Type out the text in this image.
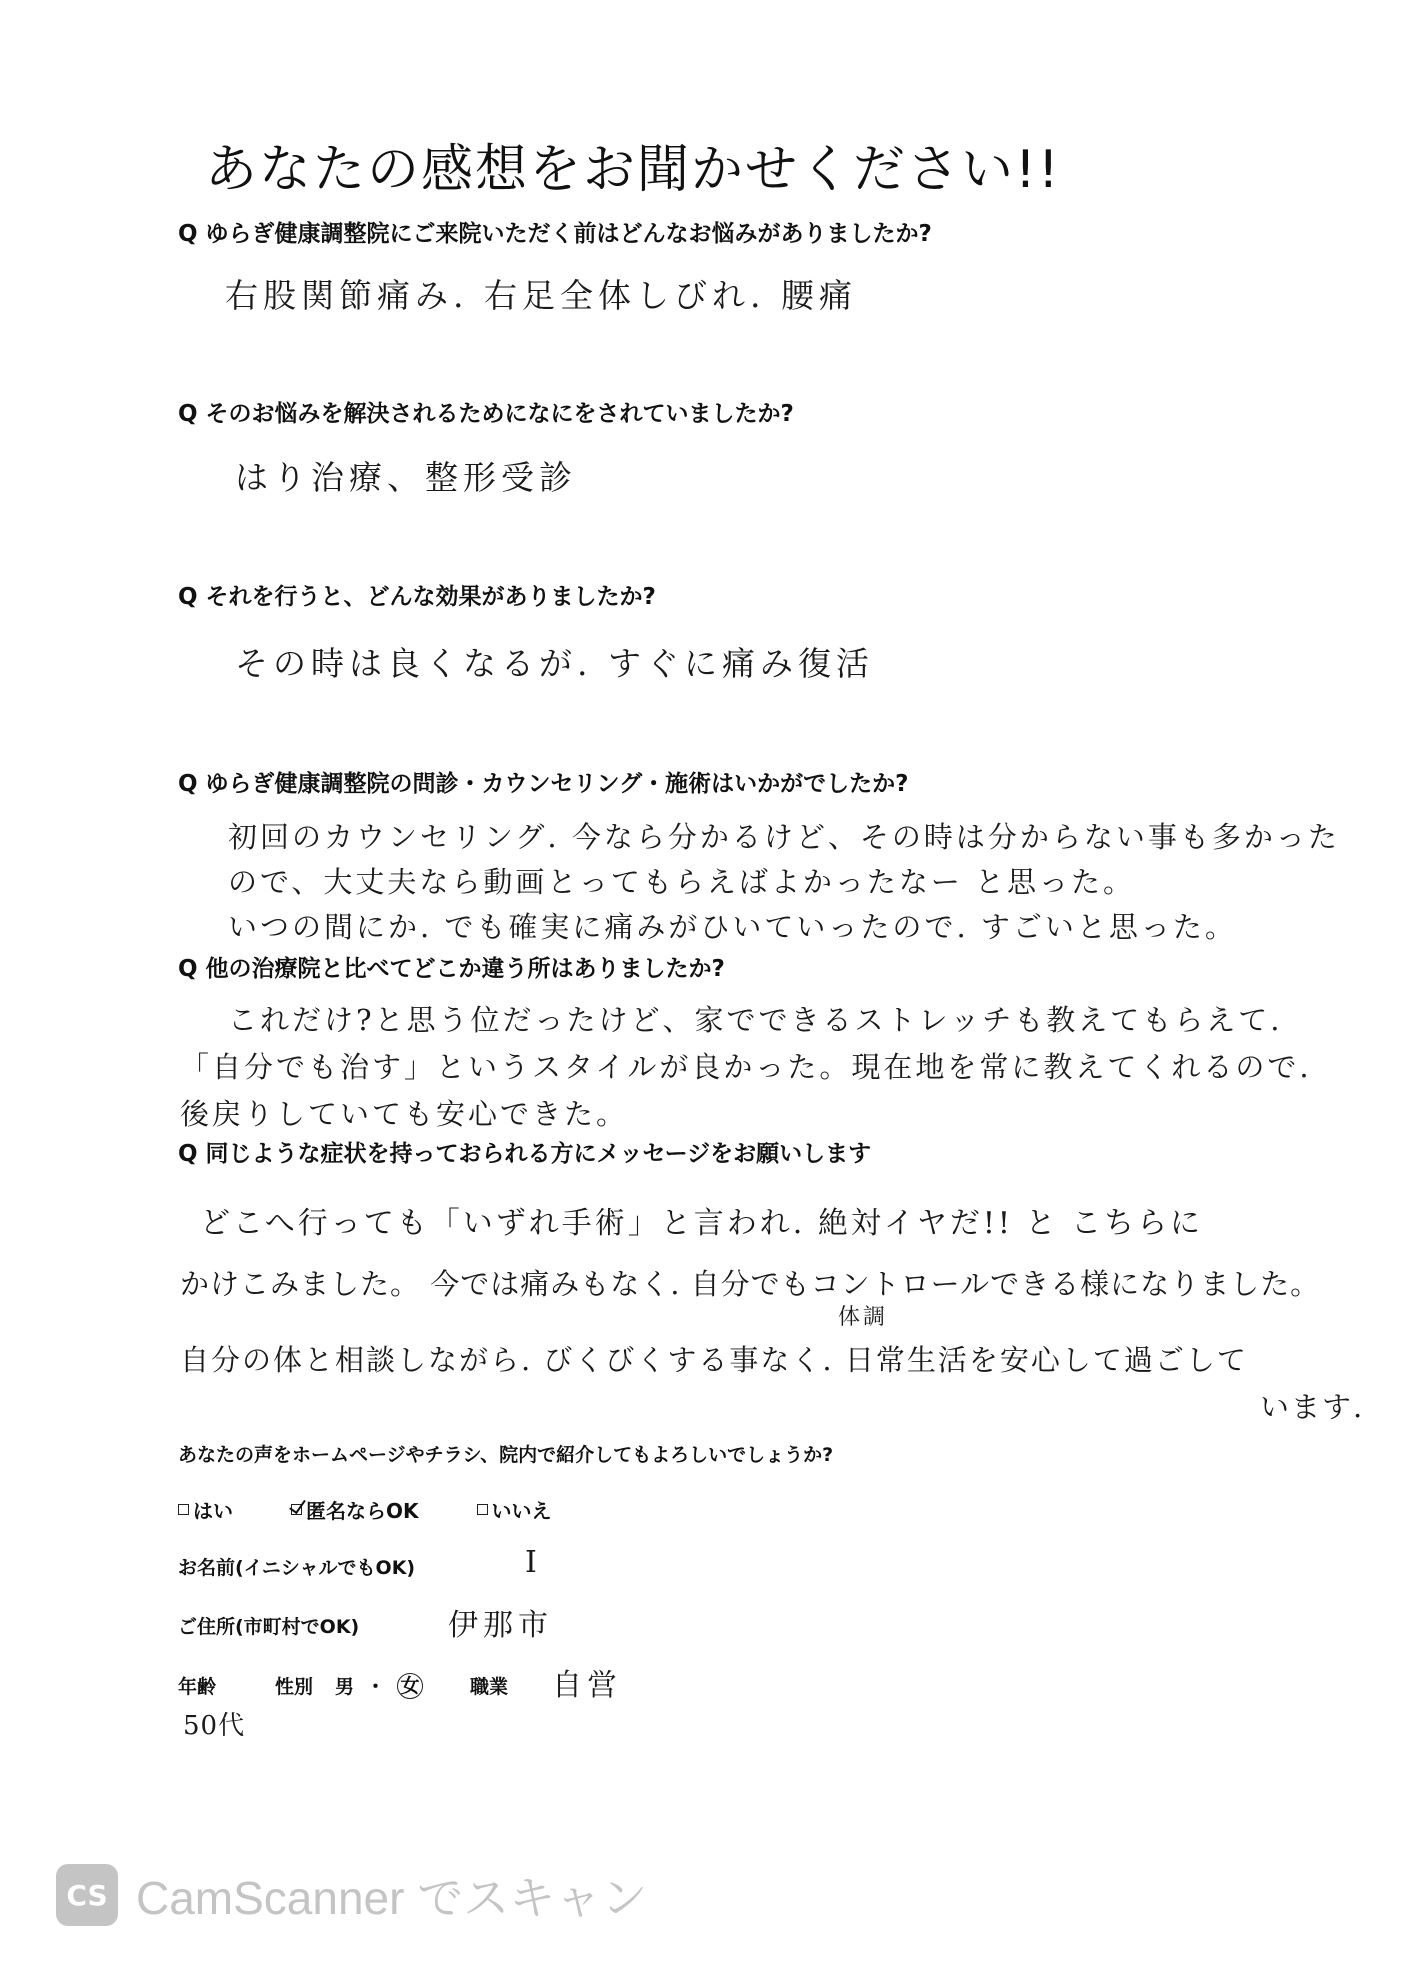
あなたの感想をお聞かせください!!
Q ゆらぎ健康調整院にご来院いただく前はどんなお悩みがありましたか?
右股関節痛み. 右足全体しびれ. 腰痛
Q そのお悩みを解決されるためになにをされていましたか?
はり治療、整形受診
Q それを行うと、どんな効果がありましたか?
その時は良くなるが. すぐに痛み復活
Q ゆらぎ健康調整院の問診・カウンセリング・施術はいかがでしたか?
初回のカウンセリング. 今なら分かるけど、その時は分からない事も多かった
ので、大丈夫なら動画とってもらえばよかったなー と思った。
いつの間にか. でも確実に痛みがひいていったので. すごいと思った。
Q 他の治療院と比べてどこか違う所はありましたか?
これだけ?と思う位だったけど、家でできるストレッチも教えてもらえて.
「自分でも治す」というスタイルが良かった。現在地を常に教えてくれるので.
後戻りしていても安心できた。
Q 同じような症状を持っておられる方にメッセージをお願いします
どこへ行っても「いずれ手術」と言われ. 絶対イヤだ!! と こちらに
かけこみました。 今では痛みもなく. 自分でもコントロールできる様になりました。
体調
自分の体と相談しながら. びくびくする事なく. 日常生活を安心して過ごして
います.
あなたの声をホームページやチラシ、院内で紹介してもよろしいでしょうか?
はい	匿名ならOK	いいえ
お名前(イニシャルでもOK)	I
ご住所(市町村でOK)	伊那市
年齢	性別 男 ・ 女	職業 自営
50代
CS CamScanner でスキャン
